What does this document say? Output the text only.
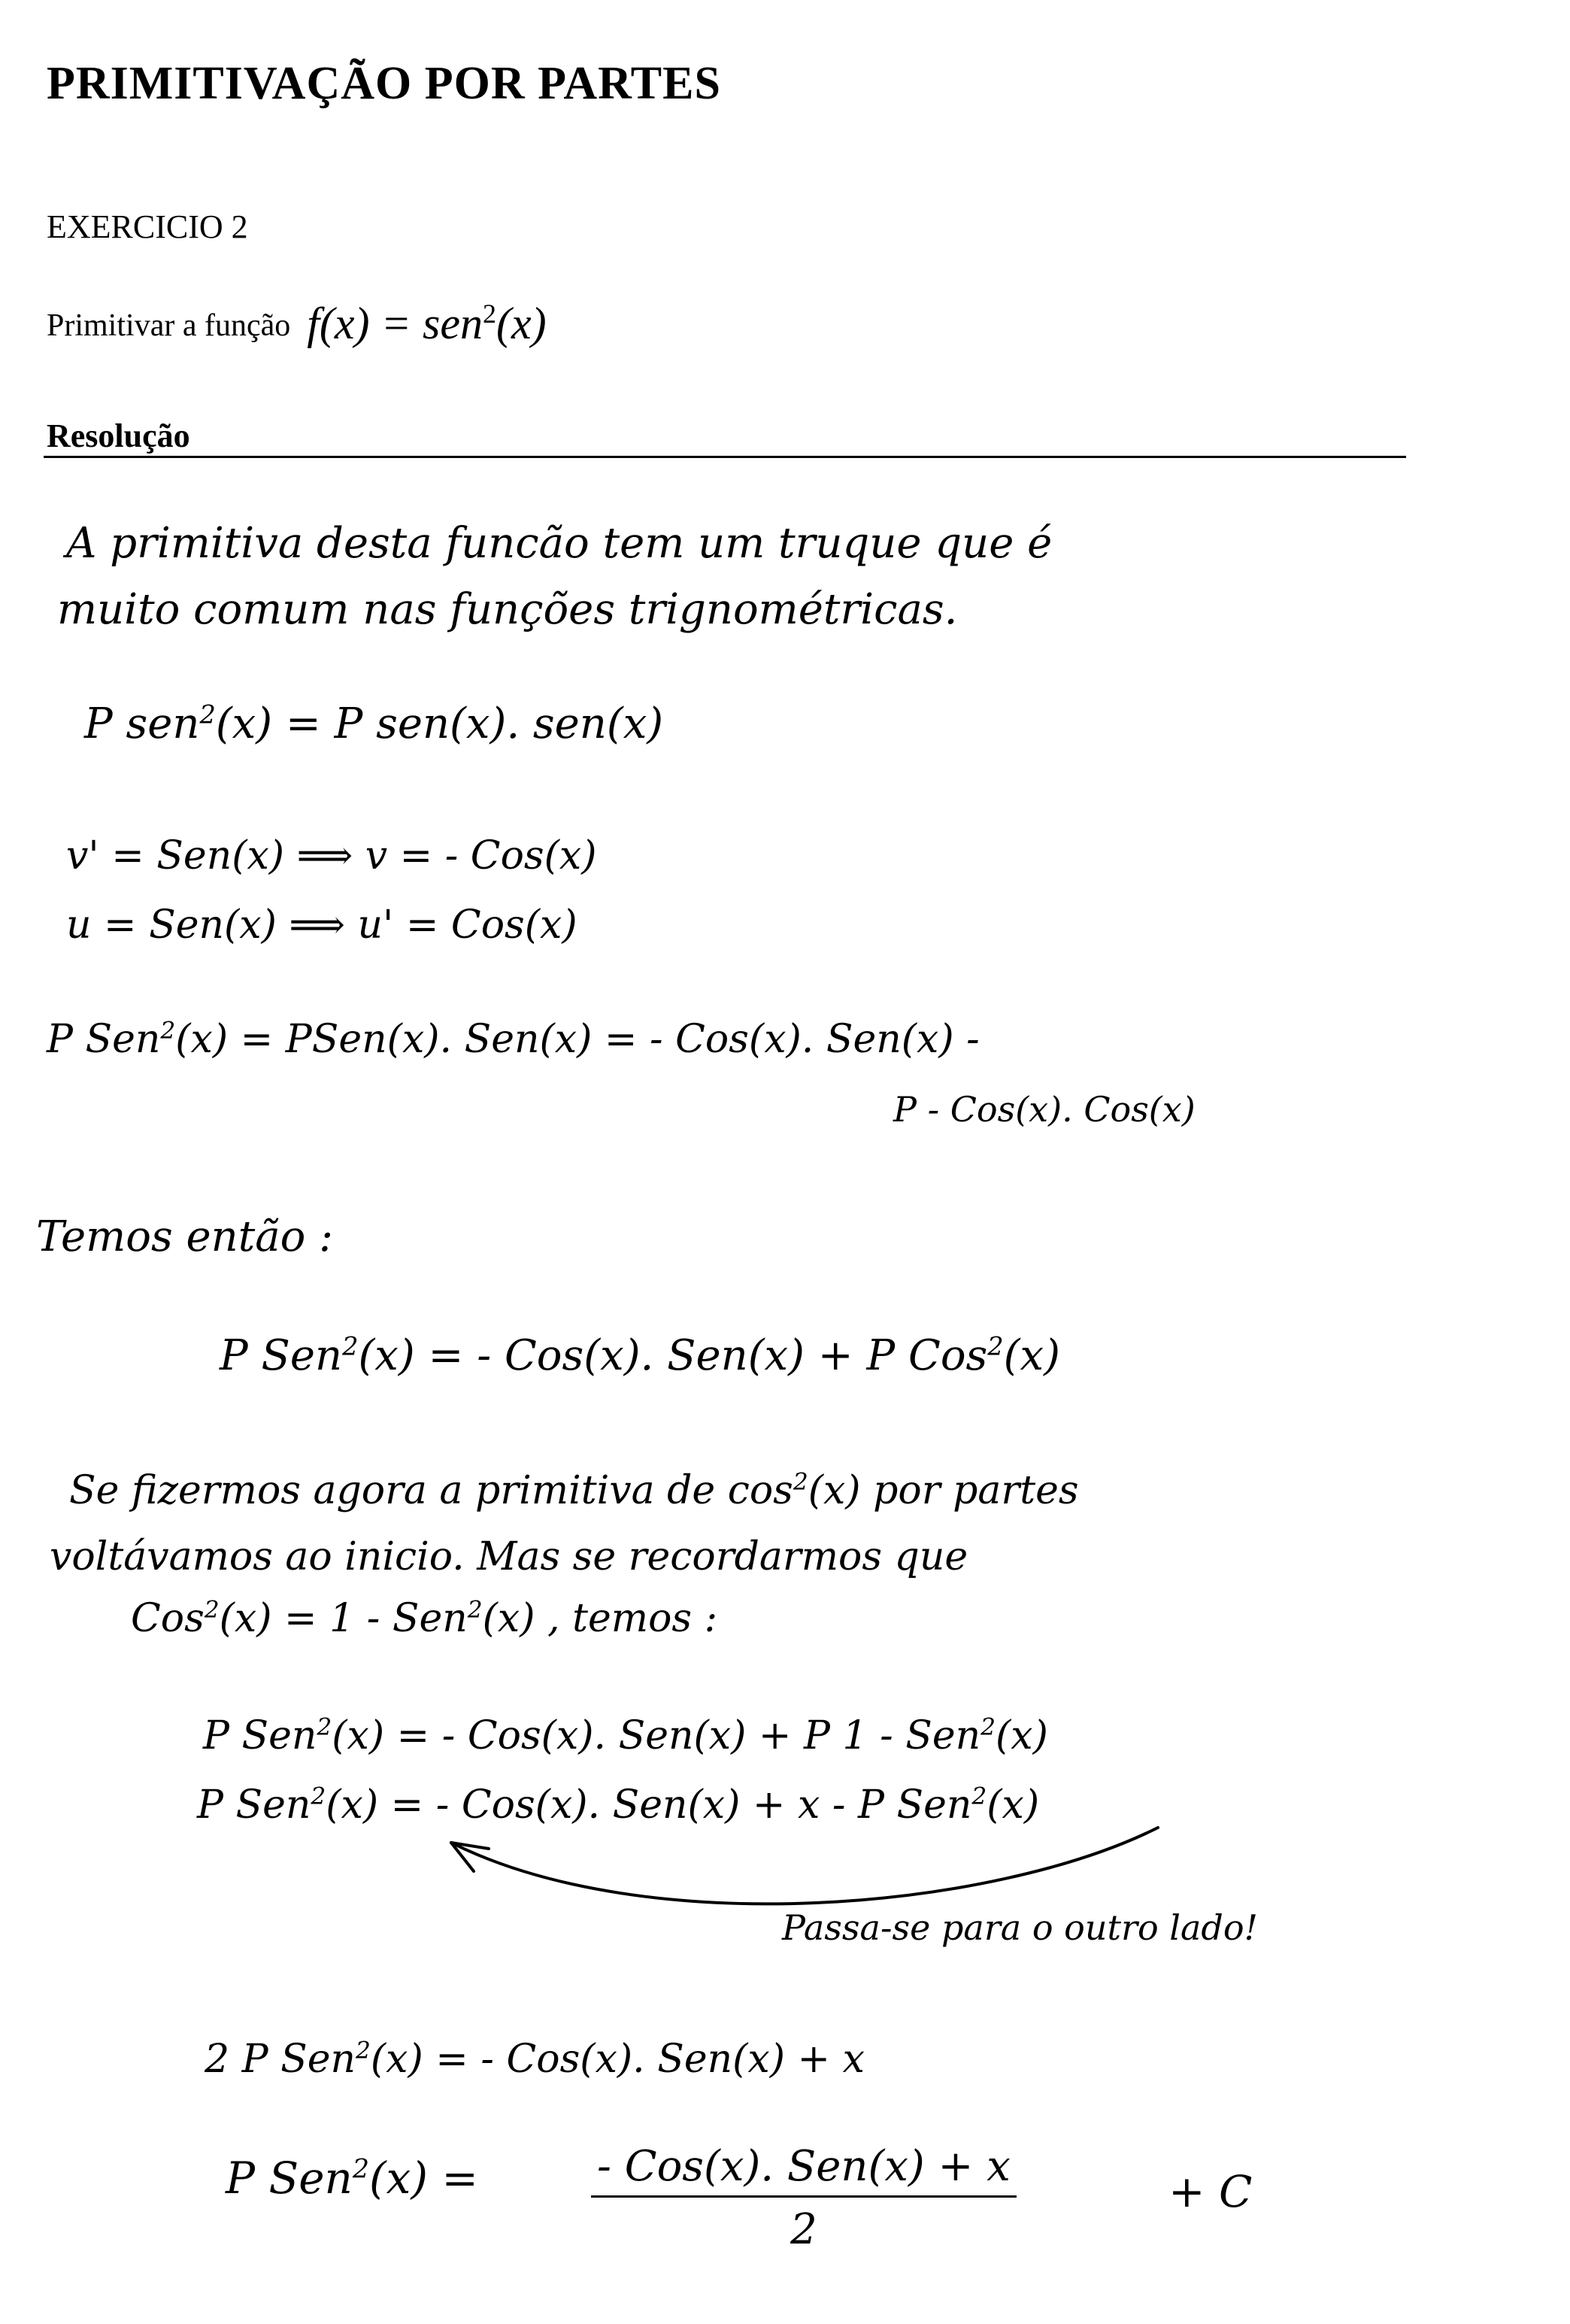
PRIMITIVAÇÃO POR PARTES
EXERCICIO 2
Primitivar a função f(x) = sen$^2$(x)
Resolução
A primitiva desta funcão tem um truque que é
muito comum nas funções trignométricas.
P sen$^2$(x) = P sen(x). sen(x)
v' = Sen(x) ⟹ v = - Cos(x)
u = Sen(x) ⟹ u' = Cos(x)
P Sen$^2$(x) = PSen(x). Sen(x) = - Cos(x). Sen(x) -
P - Cos(x). Cos(x)
Temos então :
P Sen$^2$(x) = - Cos(x). Sen(x) + P Cos$^2$(x)
Se fizermos agora a primitiva de $\cos^2(x)$ por partes
voltávamos ao inicio. Mas se recordarmos que
Cos$^2$(x) = 1 - Sen$^2$(x) , temos :
P Sen$^2$(x) = - Cos(x). Sen(x) + P 1 - Sen$^2$(x)
P Sen$^2$(x) = - Cos(x). Sen(x) + x - P Sen$^2$(x)
Passa-se para o outro lado!
2 P Sen$^2$(x) = - Cos(x). Sen(x) + x
P Sen$^2$(x) =	- Cos(x). Sen(x) + x
2
+ C
